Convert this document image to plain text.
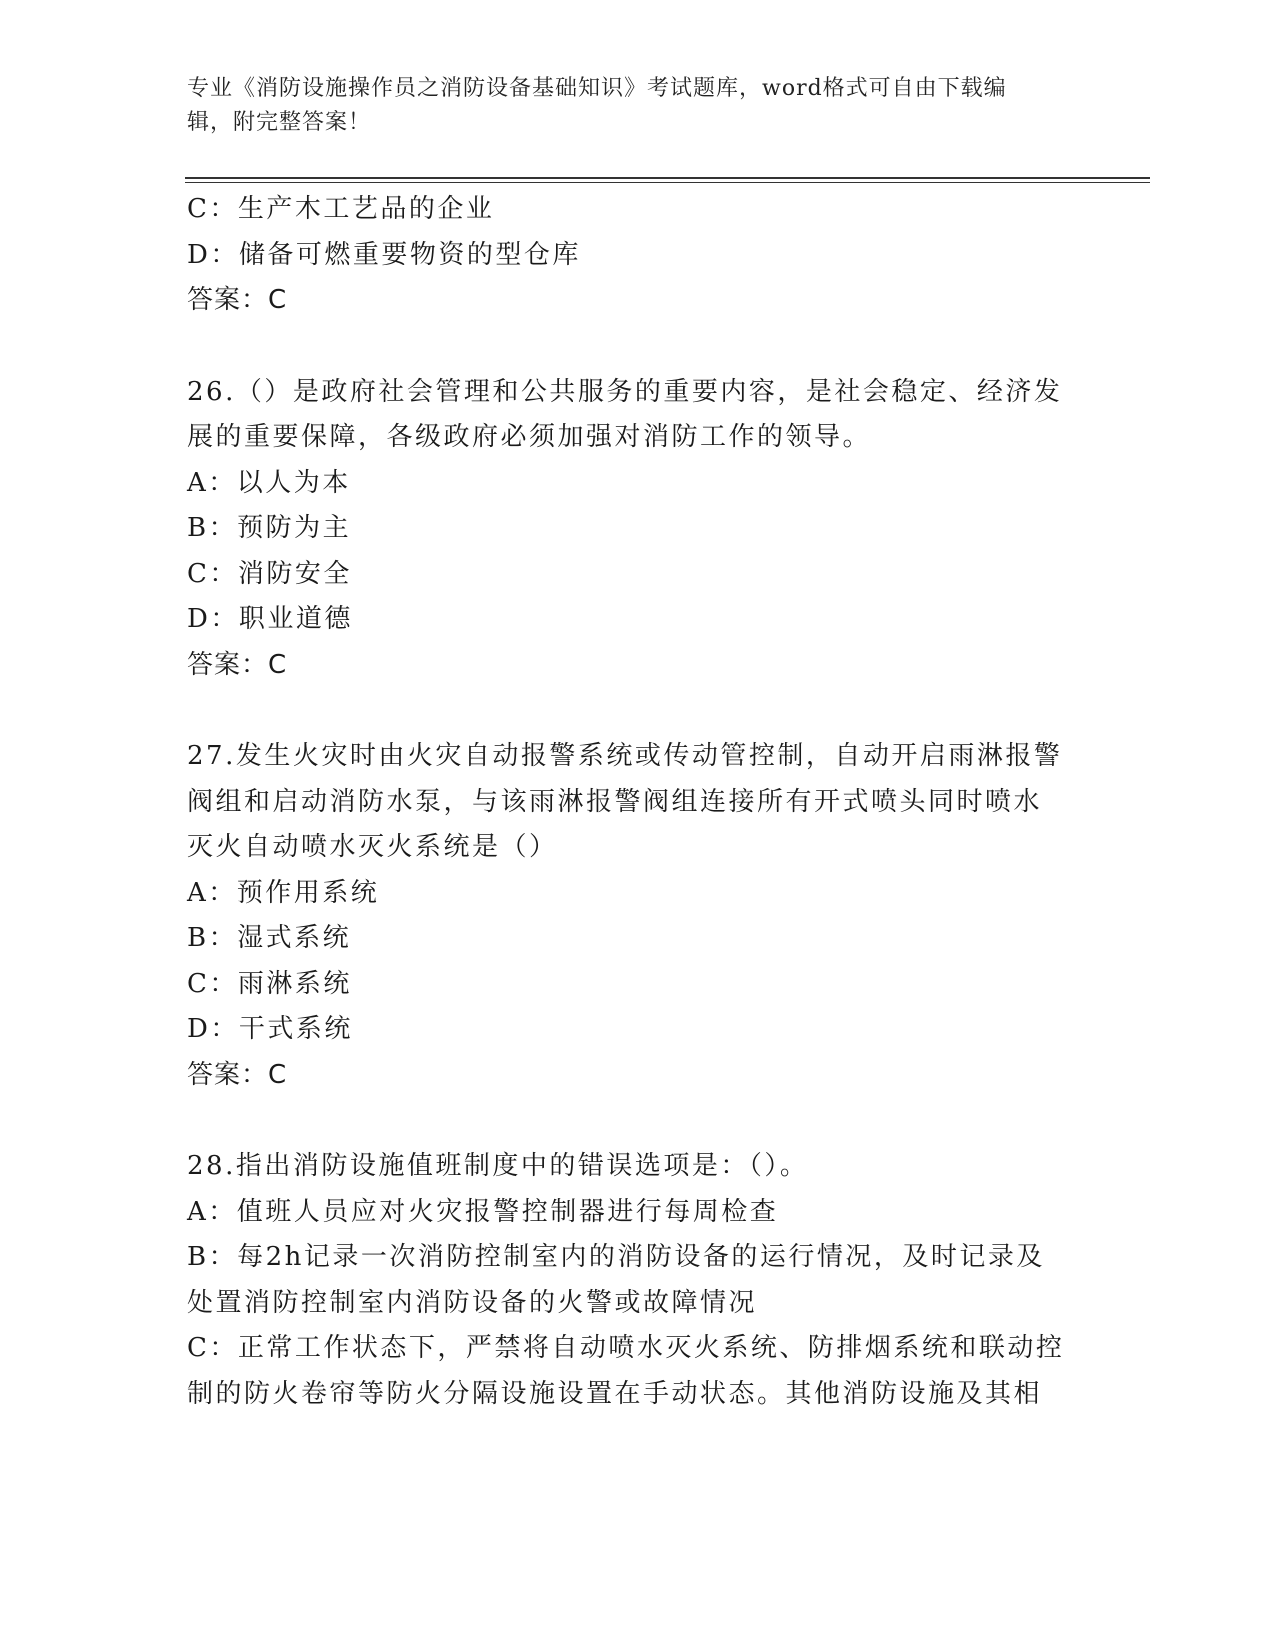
专业《消防设施操作员之消防设备基础知识》考试题库，word格式可自由下载编
辑，附完整答案！
C：生产木工艺品的企业
D：储备可燃重要物资的型仓库
答案：C
26.（）是政府社会管理和公共服务的重要内容，是社会稳定、经济发
展的重要保障，各级政府必须加强对消防工作的领导。
A：以人为本
B：预防为主
C：消防安全
D：职业道德
答案：C
27.发生火灾时由火灾自动报警系统或传动管控制，自动开启雨淋报警
阀组和启动消防水泵，与该雨淋报警阀组连接所有开式喷头同时喷水
灭火自动喷水灭火系统是（）
A：预作用系统
B：湿式系统
C：雨淋系统
D：干式系统
答案：C
28.指出消防设施值班制度中的错误选项是：（）。
A：值班人员应对火灾报警控制器进行每周检查
B：每2h记录一次消防控制室内的消防设备的运行情况，及时记录及
处置消防控制室内消防设备的火警或故障情况
C：正常工作状态下，严禁将自动喷水灭火系统、防排烟系统和联动控
制的防火卷帘等防火分隔设施设置在手动状态。其他消防设施及其相
